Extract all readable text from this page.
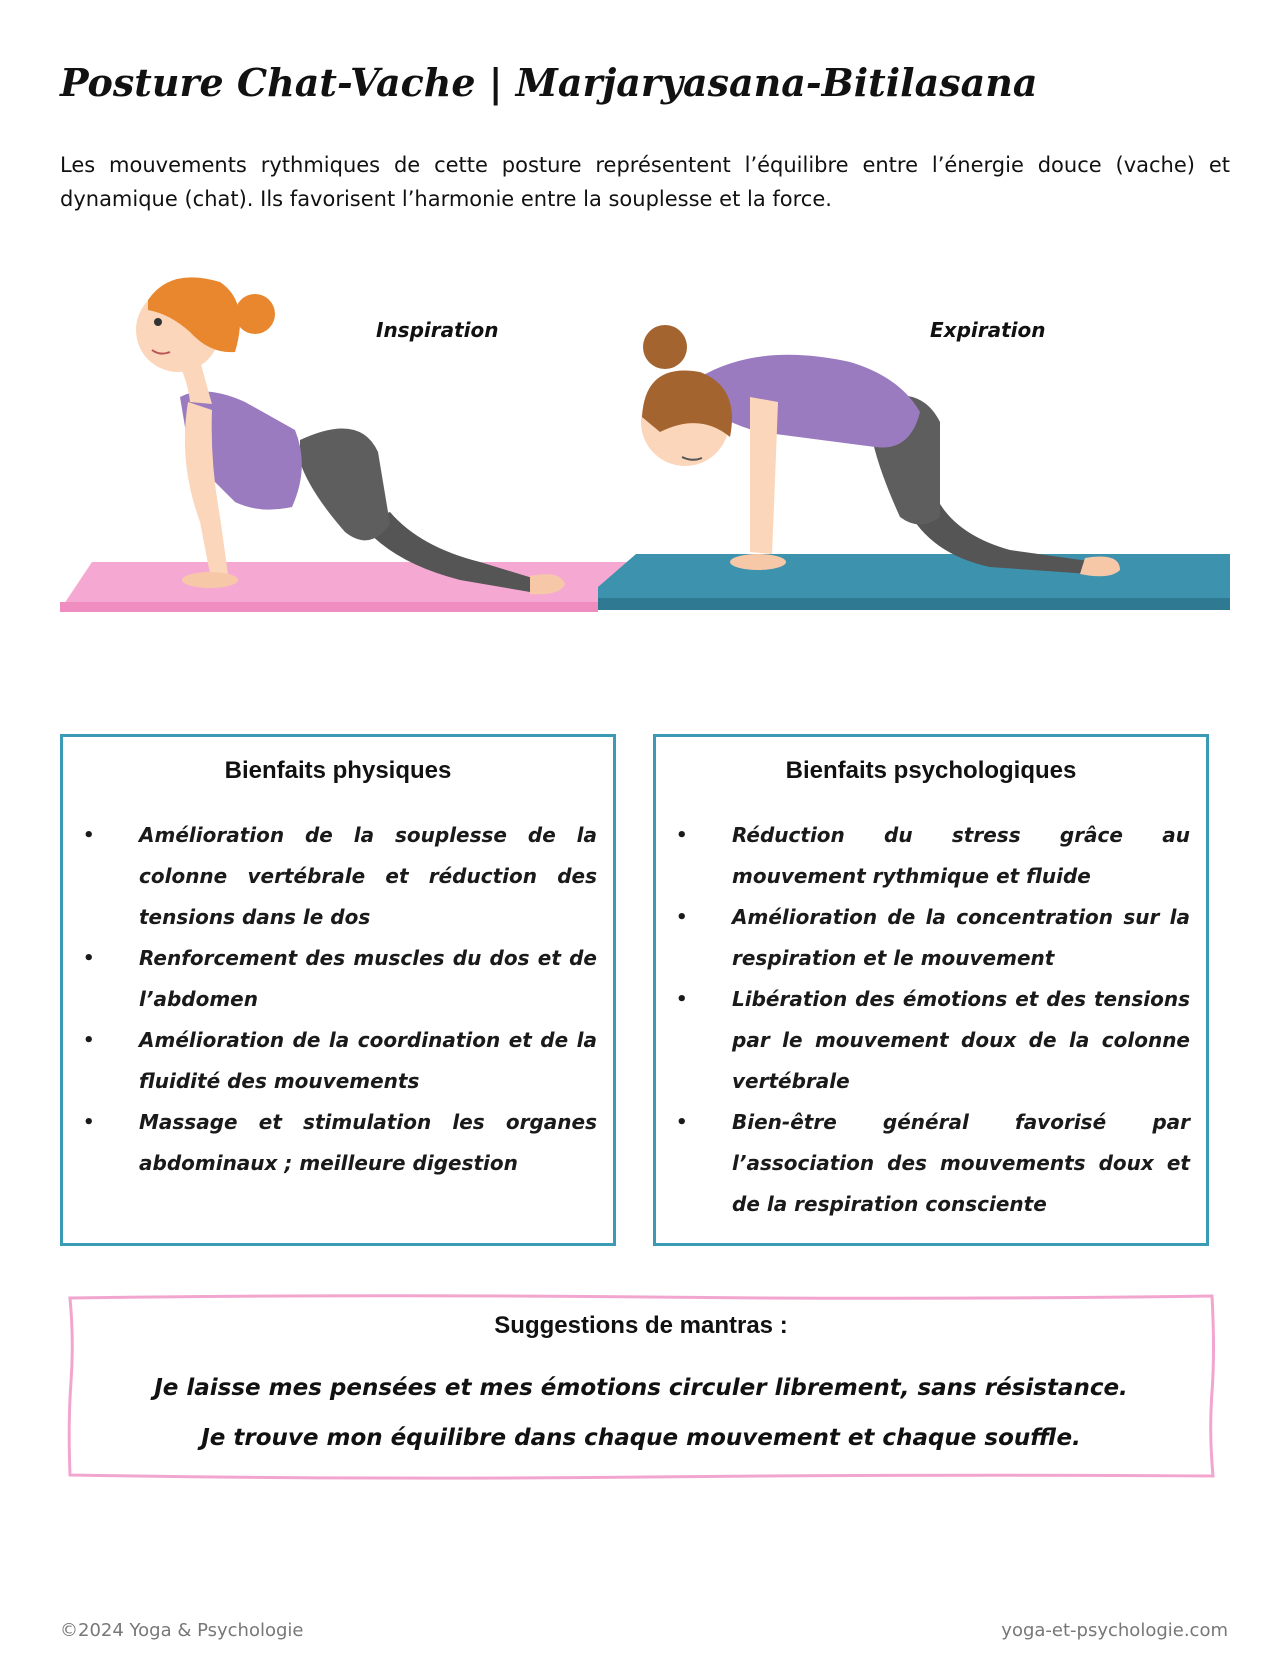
Posture Chat-Vache | Marjaryasana-Bitilasana

Les mouvements rythmiques de cette posture représentent l’équilibre entre l’énergie douce (vache) et dynamique (chat). Ils favorisent l’harmonie entre la souplesse et la force.

Inspiration	Expiration
Bienfaits physiques
•	Amélioration de la souplesse de la colonne vertébrale et réduction des tensions dans le dos
•	Renforcement des muscles du dos et de l’abdomen
•	Amélioration de la coordination et de la fluidité des mouvements
•	Massage et stimulation les organes abdominaux ; meilleure digestion
Bienfaits psychologiques
•	Réduction du stress grâce au mouvement rythmique et fluide
•	Amélioration de la concentration sur la respiration et le mouvement
•	Libération des émotions et des tensions par le mouvement doux de la colonne vertébrale
•	Bien-être général favorisé par l’association des mouvements doux et de la respiration consciente
Suggestions de mantras :

Je laisse mes pensées et mes émotions circuler librement, sans résistance.

Je trouve mon équilibre dans chaque mouvement et chaque souffle.

©2024 Yoga & Psychologie	yoga-et-psychologie.com
